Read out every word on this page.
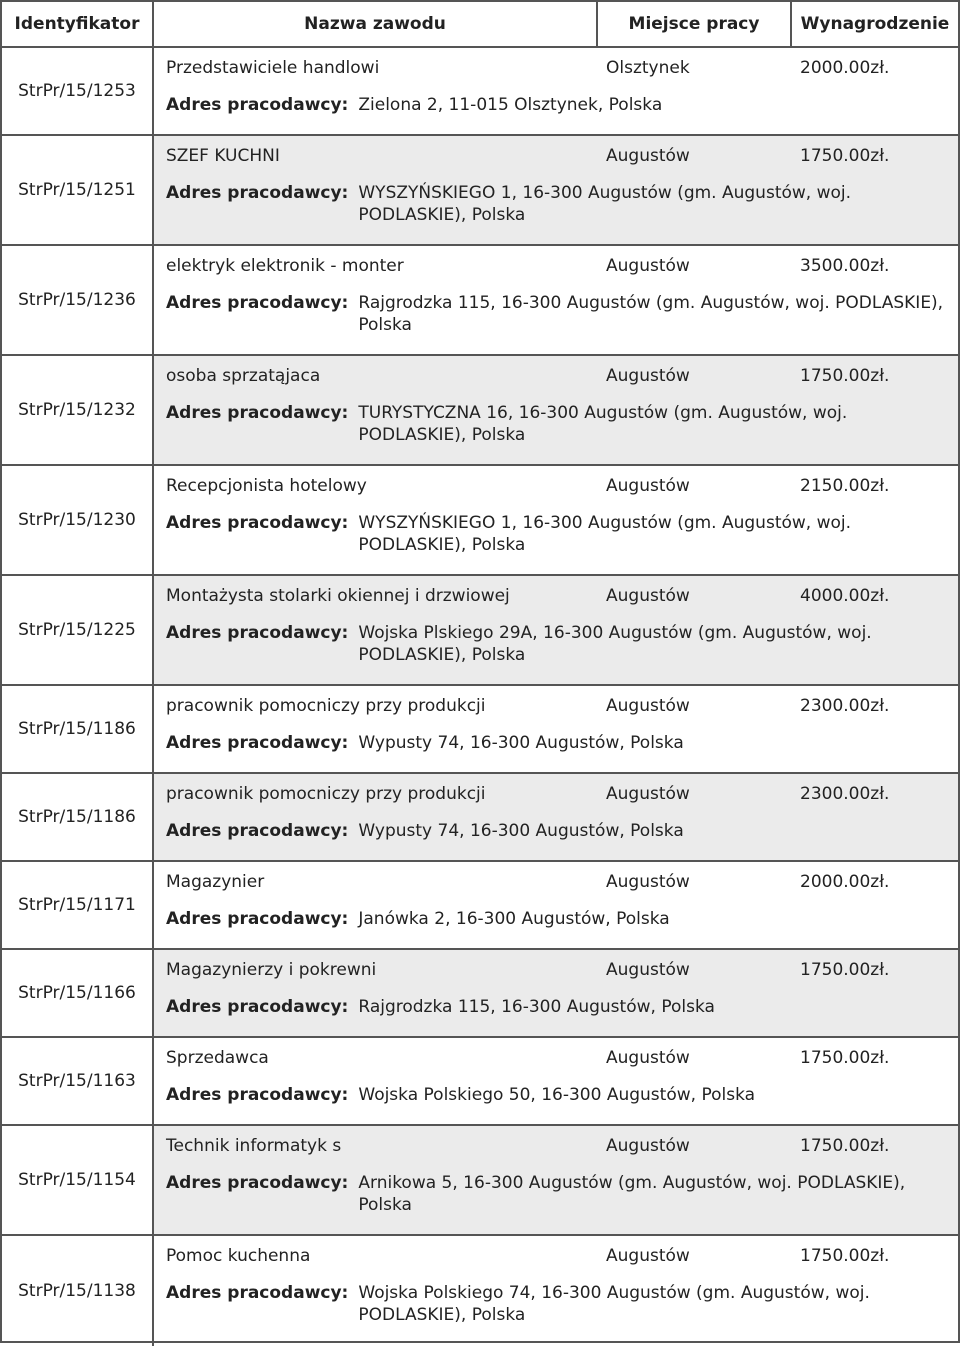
Identyfikator	Nazwa zawodu	Miejsce pracy	Wynagrodzenie
StrPr/15/1253
Przedstawiciele handlowi	Olsztynek	2000.00zł.
Adres pracodawcy: Zielona 2, 11-015 Olsztynek, Polska
StrPr/15/1251
SZEF KUCHNI	Augustów	1750.00zł.
Adres pracodawcy: WYSZYŃSKIEGO 1, 16-300 Augustów (gm. Augustów, woj. PODLASKIE), Polska
StrPr/15/1236
elektryk elektronik - monter	Augustów	3500.00zł.
Adres pracodawcy: Rajgrodzka 115, 16-300 Augustów (gm. Augustów, woj. PODLASKIE), Polska
StrPr/15/1232
osoba sprzatąjaca	Augustów	1750.00zł.
Adres pracodawcy: TURYSTYCZNA 16, 16-300 Augustów (gm. Augustów, woj. PODLASKIE), Polska
StrPr/15/1230
Recepcjonista hotelowy	Augustów	2150.00zł.
Adres pracodawcy: WYSZYŃSKIEGO 1, 16-300 Augustów (gm. Augustów, woj. PODLASKIE), Polska
StrPr/15/1225
Montażysta stolarki okiennej i drzwiowej	Augustów	4000.00zł.
Adres pracodawcy: Wojska Plskiego 29A, 16-300 Augustów (gm. Augustów, woj. PODLASKIE), Polska
StrPr/15/1186
pracownik pomocniczy przy produkcji	Augustów	2300.00zł.
Adres pracodawcy: Wypusty 74, 16-300 Augustów, Polska
StrPr/15/1186
pracownik pomocniczy przy produkcji	Augustów	2300.00zł.
Adres pracodawcy: Wypusty 74, 16-300 Augustów, Polska
StrPr/15/1171
Magazynier	Augustów	2000.00zł.
Adres pracodawcy: Janówka 2, 16-300 Augustów, Polska
StrPr/15/1166
Magazynierzy i pokrewni	Augustów	1750.00zł.
Adres pracodawcy: Rajgrodzka 115, 16-300 Augustów, Polska
StrPr/15/1163
Sprzedawca	Augustów	1750.00zł.
Adres pracodawcy: Wojska Polskiego 50, 16-300 Augustów, Polska
StrPr/15/1154
Technik informatyk s	Augustów	1750.00zł.
Adres pracodawcy: Arnikowa 5, 16-300 Augustów (gm. Augustów, woj. PODLASKIE), Polska
StrPr/15/1138
Pomoc kuchenna	Augustów	1750.00zł.
Adres pracodawcy: Wojska Polskiego 74, 16-300 Augustów (gm. Augustów, woj. PODLASKIE), Polska
